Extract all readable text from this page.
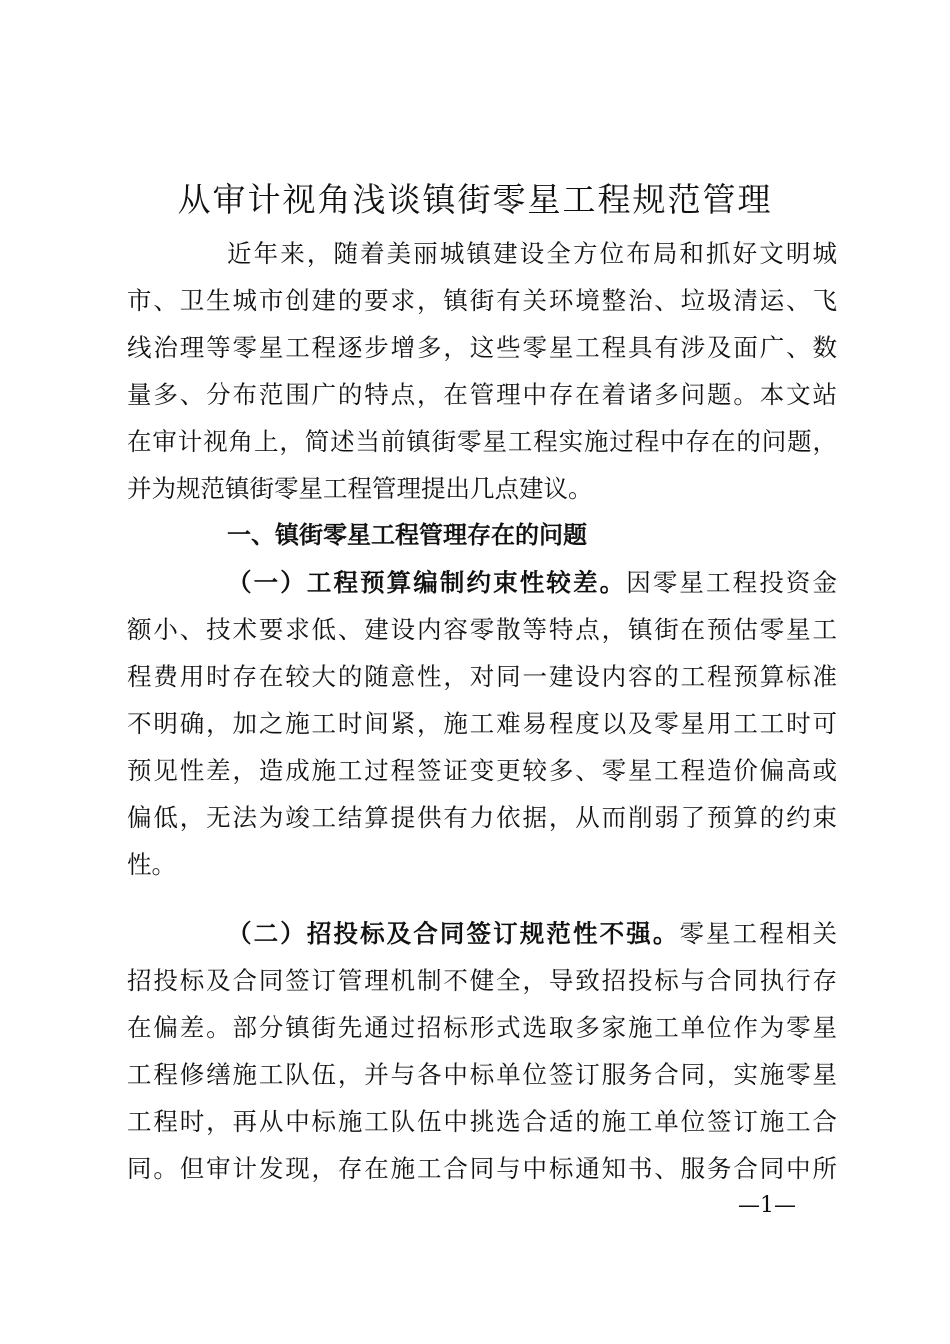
从审计视角浅谈镇街零星工程规范管理
近年来，随着美丽城镇建设全方位布局和抓好文明城
市、卫生城市创建的要求，镇街有关环境整治、垃圾清运、飞
线治理等零星工程逐步增多，这些零星工程具有涉及面广、数
量多、分布范围广的特点，在管理中存在着诸多问题。本文站
在审计视角上，简述当前镇街零星工程实施过程中存在的问题，
并为规范镇街零星工程管理提出几点建议。
一、镇街零星工程管理存在的问题
（一）工程预算编制约束性较差。因零星工程投资金
额小、技术要求低、建设内容零散等特点，镇街在预估零星工
程费用时存在较大的随意性，对同一建设内容的工程预算标准
不明确，加之施工时间紧，施工难易程度以及零星用工工时可
预见性差，造成施工过程签证变更较多、零星工程造价偏高或
偏低，无法为竣工结算提供有力依据，从而削弱了预算的约束
性。
（二）招投标及合同签订规范性不强。零星工程相关
招投标及合同签订管理机制不健全，导致招投标与合同执行存
在偏差。部分镇街先通过招标形式选取多家施工单位作为零星
工程修缮施工队伍，并与各中标单位签订服务合同，实施零星
工程时，再从中标施工队伍中挑选合适的施工单位签订施工合
同。但审计发现，存在施工合同与中标通知书、服务合同中所
—1—
